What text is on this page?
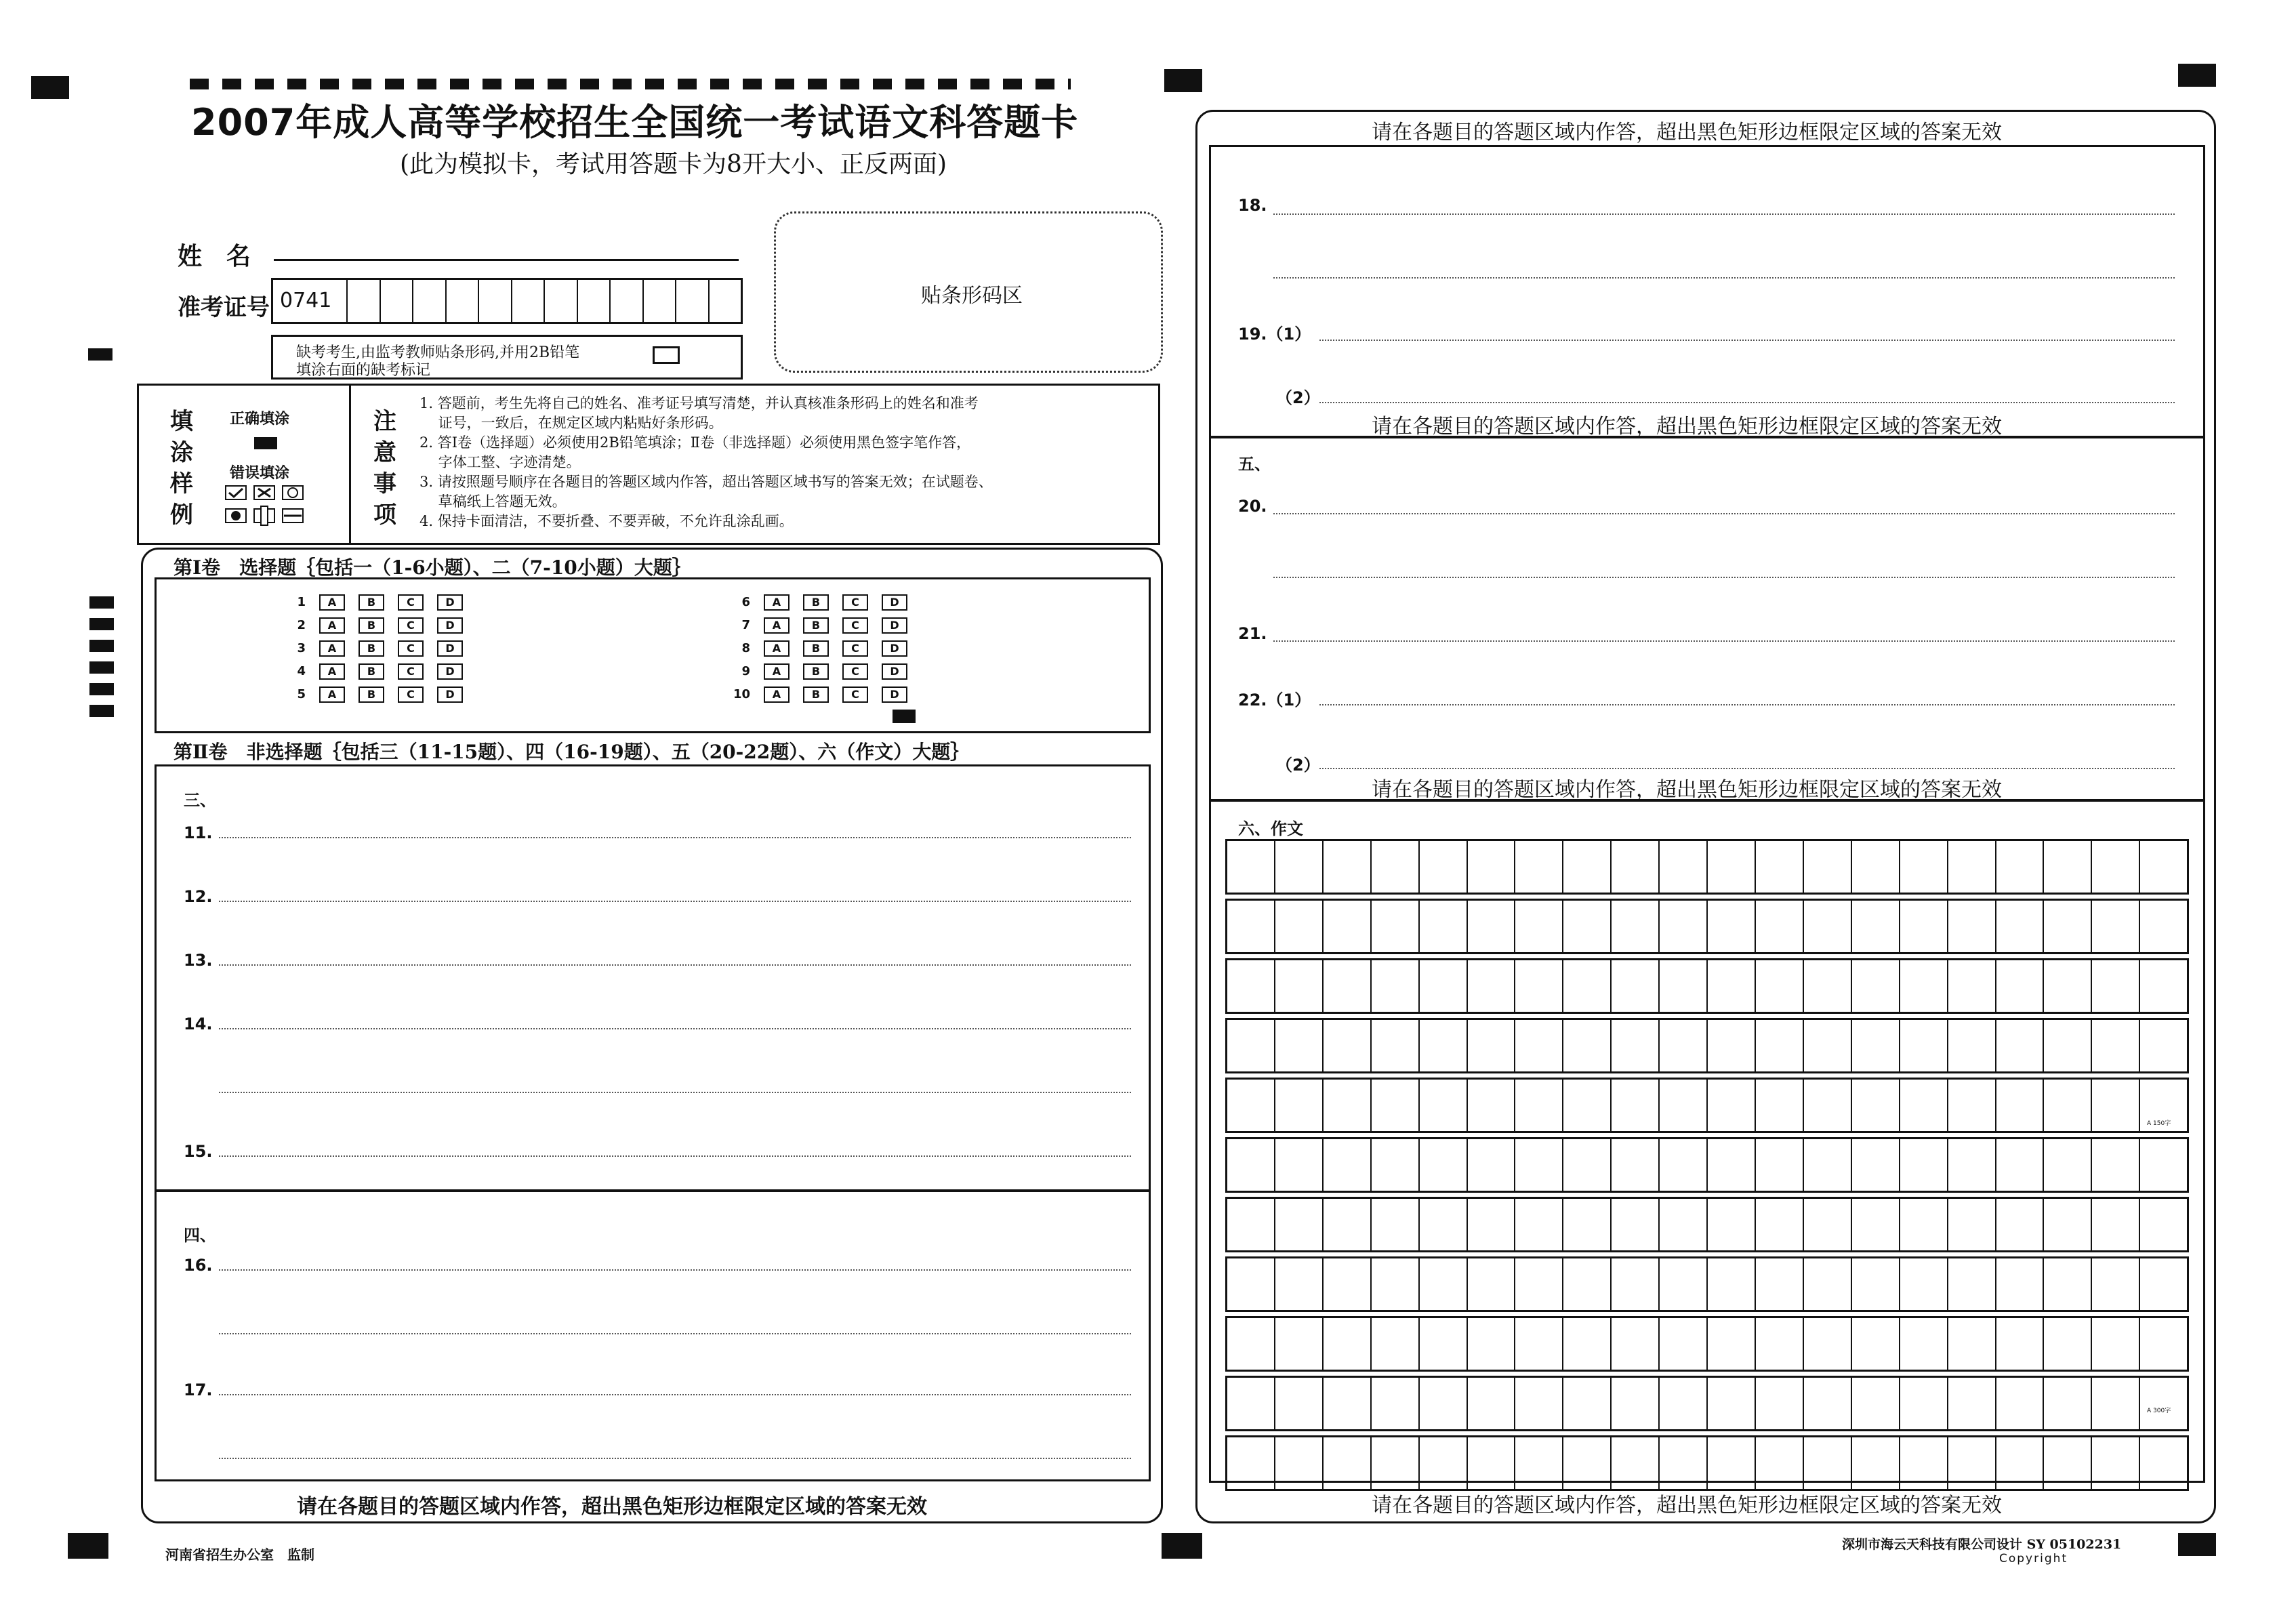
2007年成人高等学校招生全国统一考试语文科答题卡
(此为模拟卡，考试用答题卡为8开大小、正反两面)
姓　名
准考证号 0741
缺考考生,由监考教师贴条形码,并用2B铅笔
填涂右面的缺考标记
贴条形码区
填
涂
样
例
正确填涂
错误填涂
注
意
事
项
1. 答题前，考生先将自己的姓名、准考证号填写清楚，并认真核准条形码上的姓名和准考
　 证号，一致后，在规定区域内粘贴好条形码。
2. 答Ⅰ卷（选择题）必须使用2B铅笔填涂；Ⅱ卷（非选择题）必须使用黑色签字笔作答，
　 字体工整、字迹清楚。
3. 请按照题号顺序在各题目的答题区域内作答，超出答题区域书写的答案无效；在试题卷、
　 草稿纸上答题无效。
4. 保持卡面清洁，不要折叠、不要弄破，不允许乱涂乱画。
第Ⅰ卷　选择题｛包括一（1-6小题）、二（7-10小题）大题｝
1 A	B	C	D
2 A	B	C	D
3 A	B	C	D
4 A	B	C	D
5 A	B	C	D
6 A	B	C	D
7 A	B	C	D
8 A	B	C	D
9 A	B	C	D
10 A	B	C	D
第Ⅱ卷　非选择题｛包括三（11-15题）、四（16-19题）、五（20-22题）、六（作文）大题｝
三、
11.
12.
13.
14.
15.
四、
16.
17.
请在各题目的答题区域内作答，超出黑色矩形边框限定区域的答案无效
请在各题目的答题区域内作答，超出黑色矩形边框限定区域的答案无效
18.
19.（1）
（2）
请在各题目的答题区域内作答，超出黑色矩形边框限定区域的答案无效
五、
20.
21.
22.（1）
（2）
请在各题目的答题区域内作答，超出黑色矩形边框限定区域的答案无效
六、作文
A 150字
A 300字
请在各题目的答题区域内作答，超出黑色矩形边框限定区域的答案无效
河南省招生办公室　监制
深圳市海云天科技有限公司设计 SY 05102231
Copyright
